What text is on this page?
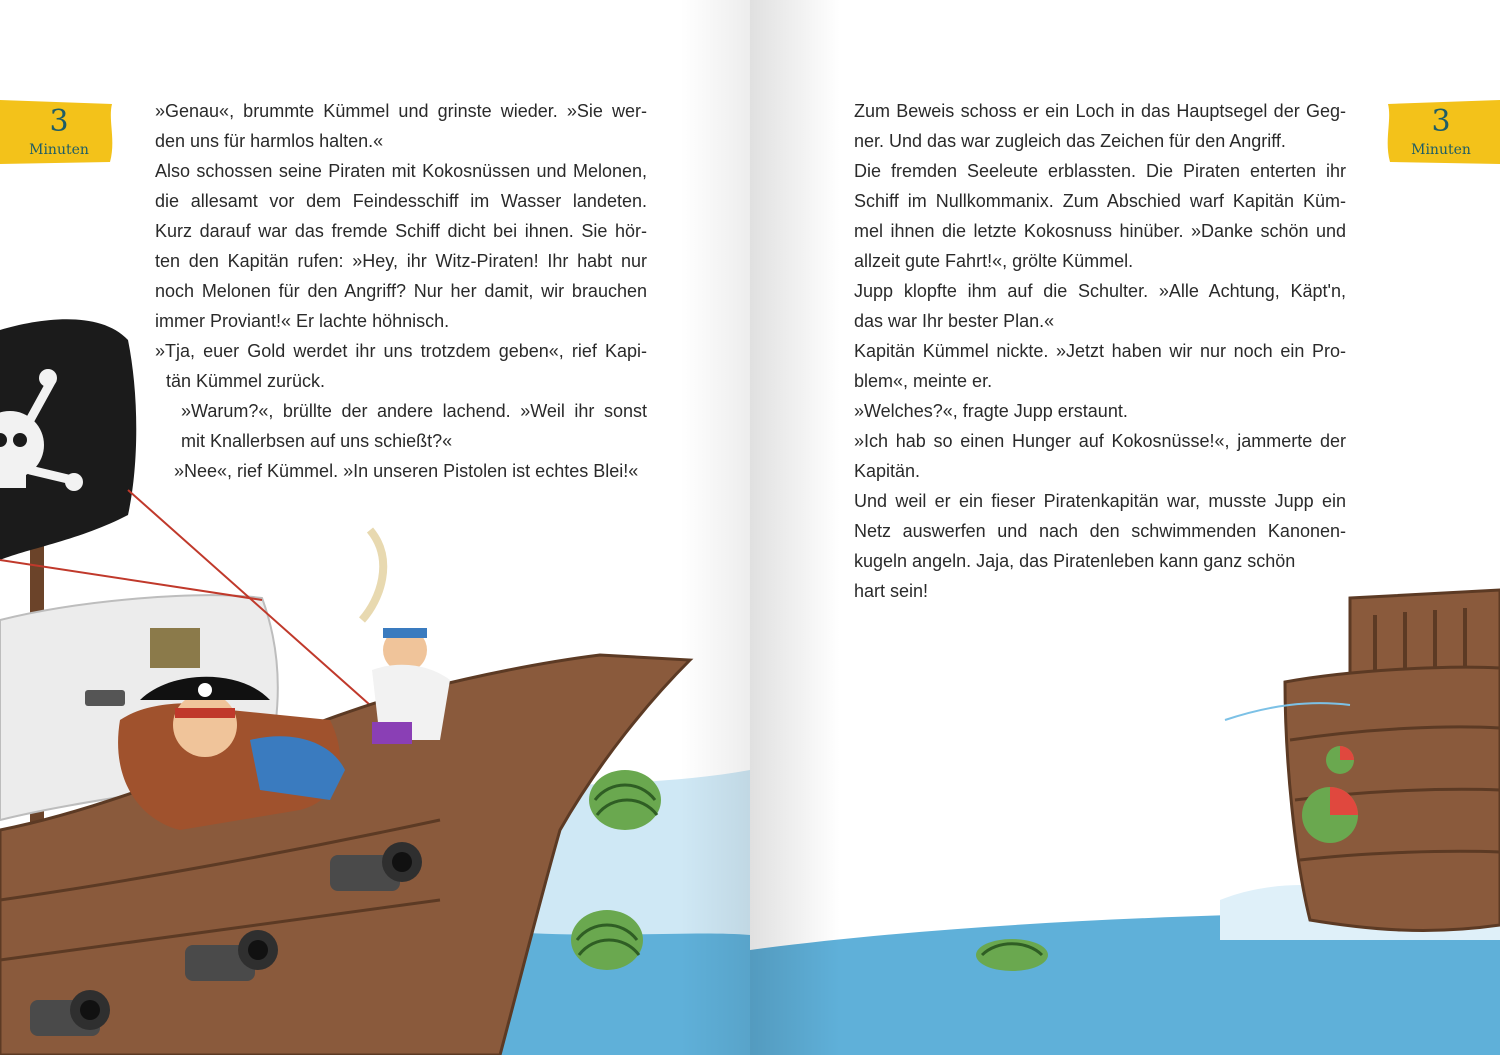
3
Minuten
»Genau«, brummte Kümmel und grinste wieder. »Sie wer-
den uns für harmlos halten.«
Also schossen seine Piraten mit Kokosnüssen und Melonen,
die allesamt vor dem Feindesschiff im Wasser landeten.
Kurz darauf war das fremde Schiff dicht bei ihnen. Sie hör-
ten den Kapitän rufen: »Hey, ihr Witz-Piraten! Ihr habt nur
noch Melonen für den Angriff? Nur her damit, wir brauchen
immer Proviant!« Er lachte höhnisch.
»Tja, euer Gold werdet ihr uns trotzdem geben«, rief Kapi-
tän Kümmel zurück.
»Warum?«, brüllte der andere lachend. »Weil ihr sonst
mit Knallerbsen auf uns schießt?«
»Nee«, rief Kümmel. »In unseren Pistolen ist echtes Blei!«
3
Minuten
Zum Beweis schoss er ein Loch in das Hauptsegel der Geg-
ner. Und das war zugleich das Zeichen für den Angriff.
Die fremden Seeleute erblassten. Die Piraten enterten ihr
Schiff im Nullkommanix. Zum Abschied warf Kapitän Küm-
mel ihnen die letzte Kokosnuss hinüber. »Danke schön und
allzeit gute Fahrt!«, grölte Kümmel.
Jupp klopfte ihm auf die Schulter. »Alle Achtung, Käpt'n,
das war Ihr bester Plan.«
Kapitän Kümmel nickte. »Jetzt haben wir nur noch ein Pro-
blem«, meinte er.
»Welches?«, fragte Jupp erstaunt.
»Ich hab so einen Hunger auf Kokosnüsse!«, jammerte der
Kapitän.
Und weil er ein fieser Piratenkapitän war, musste Jupp ein
Netz auswerfen und nach den schwimmenden Kanonen-
kugeln angeln. Jaja, das Piratenleben kann ganz schön
hart sein!
